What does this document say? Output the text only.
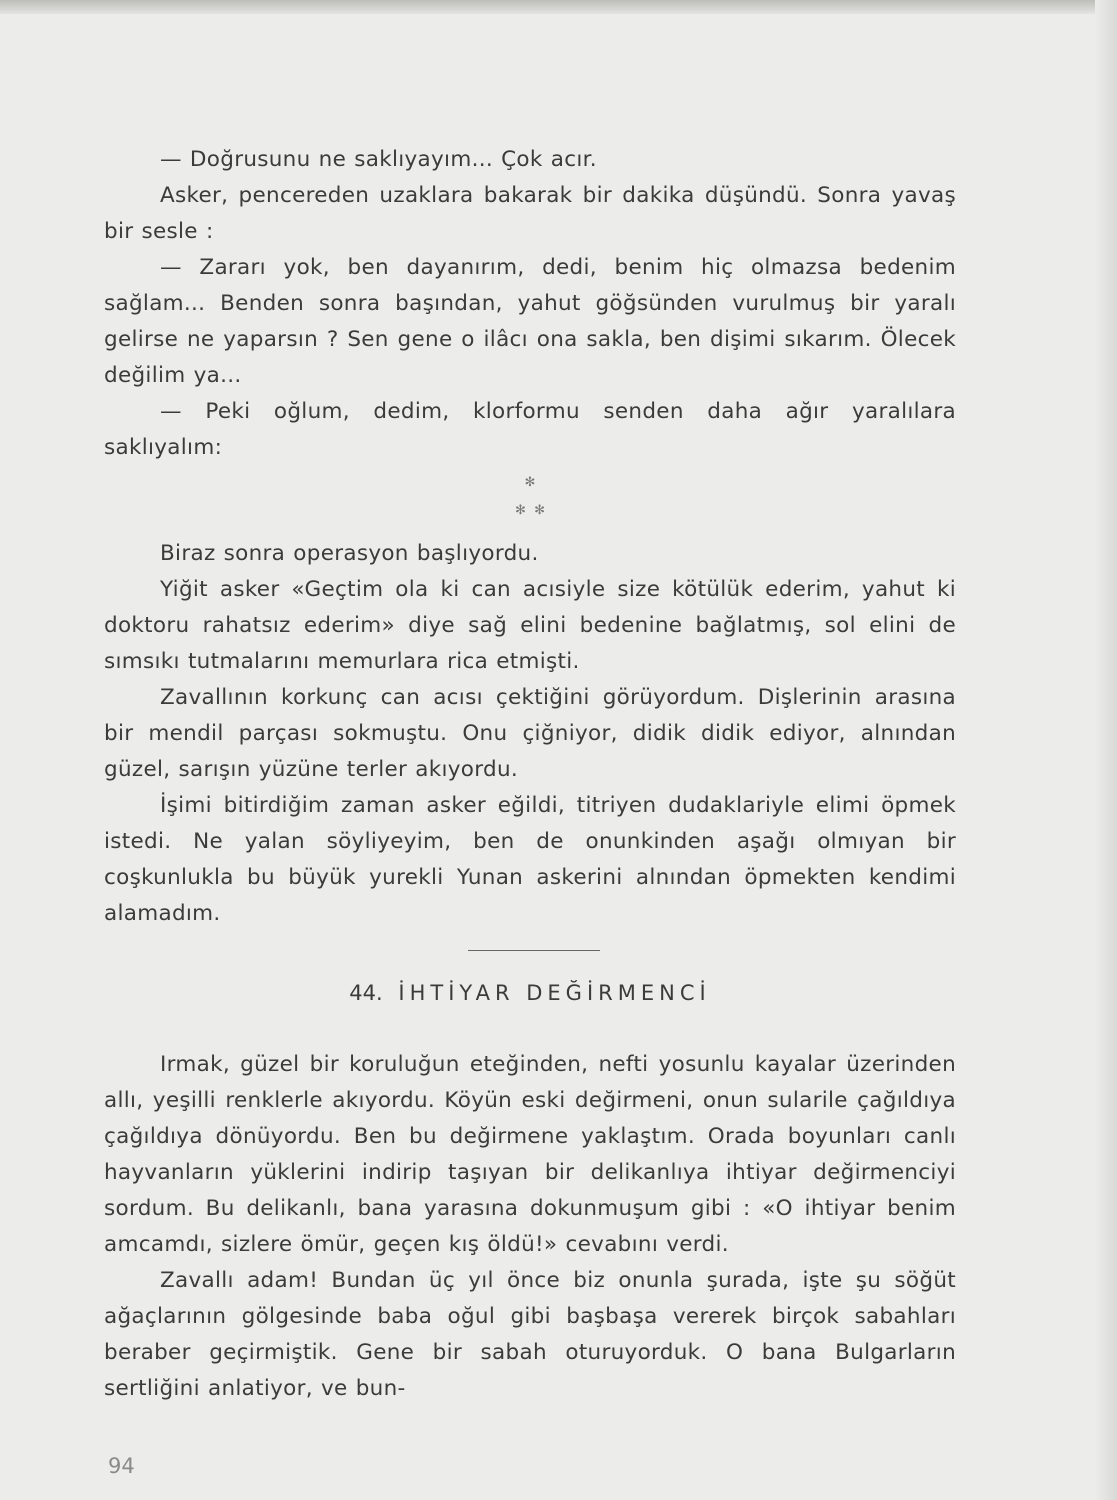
— Doğrusunu ne saklıyayım... Çok acır.

Asker, pencereden uzaklara bakarak bir dakika düşündü. Sonra yavaş bir sesle :

— Zararı yok, ben dayanırım, dedi, benim hiç olmazsa bedenim sağlam... Benden sonra başından, yahut göğsünden vurulmuş bir yaralı gelirse ne yaparsın ? Sen gene o ilâcı ona sakla, ben dişimi sıkarım. Ölecek değilim ya...

— Peki oğlum, dedim, klorformu senden daha ağır yaralılara saklıyalım:

✻
✻  ✻

Biraz sonra operasyon başlıyordu.

Yiğit asker «Geçtim ola ki can acısiyle size kötülük ederim, yahut ki doktoru rahatsız ederim» diye sağ elini bedenine bağlatmış, sol elini de sımsıkı tutmalarını memurlara rica etmişti.

Zavallının korkunç can acısı çektiğini görüyordum. Dişlerinin arasına bir mendil parçası sokmuştu. Onu çiğniyor, didik didik ediyor, alnından güzel, sarışın yüzüne terler akıyordu.

İşimi bitirdiğim zaman asker eğildi, titriyen dudaklariyle elimi öpmek istedi. Ne yalan söyliyeyim, ben de onunkinden aşağı olmıyan bir coşkunlukla bu büyük yurekli Yunan askerini alnından öpmekten kendimi alamadım.

44. İHTİYAR DEĞİRMENCİ

Irmak, güzel bir koruluğun eteğinden, nefti yosunlu kayalar üzerinden allı, yeşilli renklerle akıyordu. Köyün eski değirmeni, onun sularile çağıldıya çağıldıya dönüyordu. Ben bu değirmene yaklaştım. Orada boyunları canlı hayvanların yüklerini indirip taşıyan bir delikanlıya ihtiyar değirmenciyi sordum. Bu delikanlı, bana yarasına dokunmuşum gibi : «O ihtiyar benim amcamdı, sizlere ömür, geçen kış öldü!» cevabını verdi.

Zavallı adam! Bundan üç yıl önce biz onunla şurada, işte şu söğüt ağaçlarının gölgesinde baba oğul gibi başbaşa vererek birçok sabahları beraber geçirmiştik. Gene bir sabah oturuyorduk. O bana Bulgarların sertliğini anlatiyor, ve bun-

94
